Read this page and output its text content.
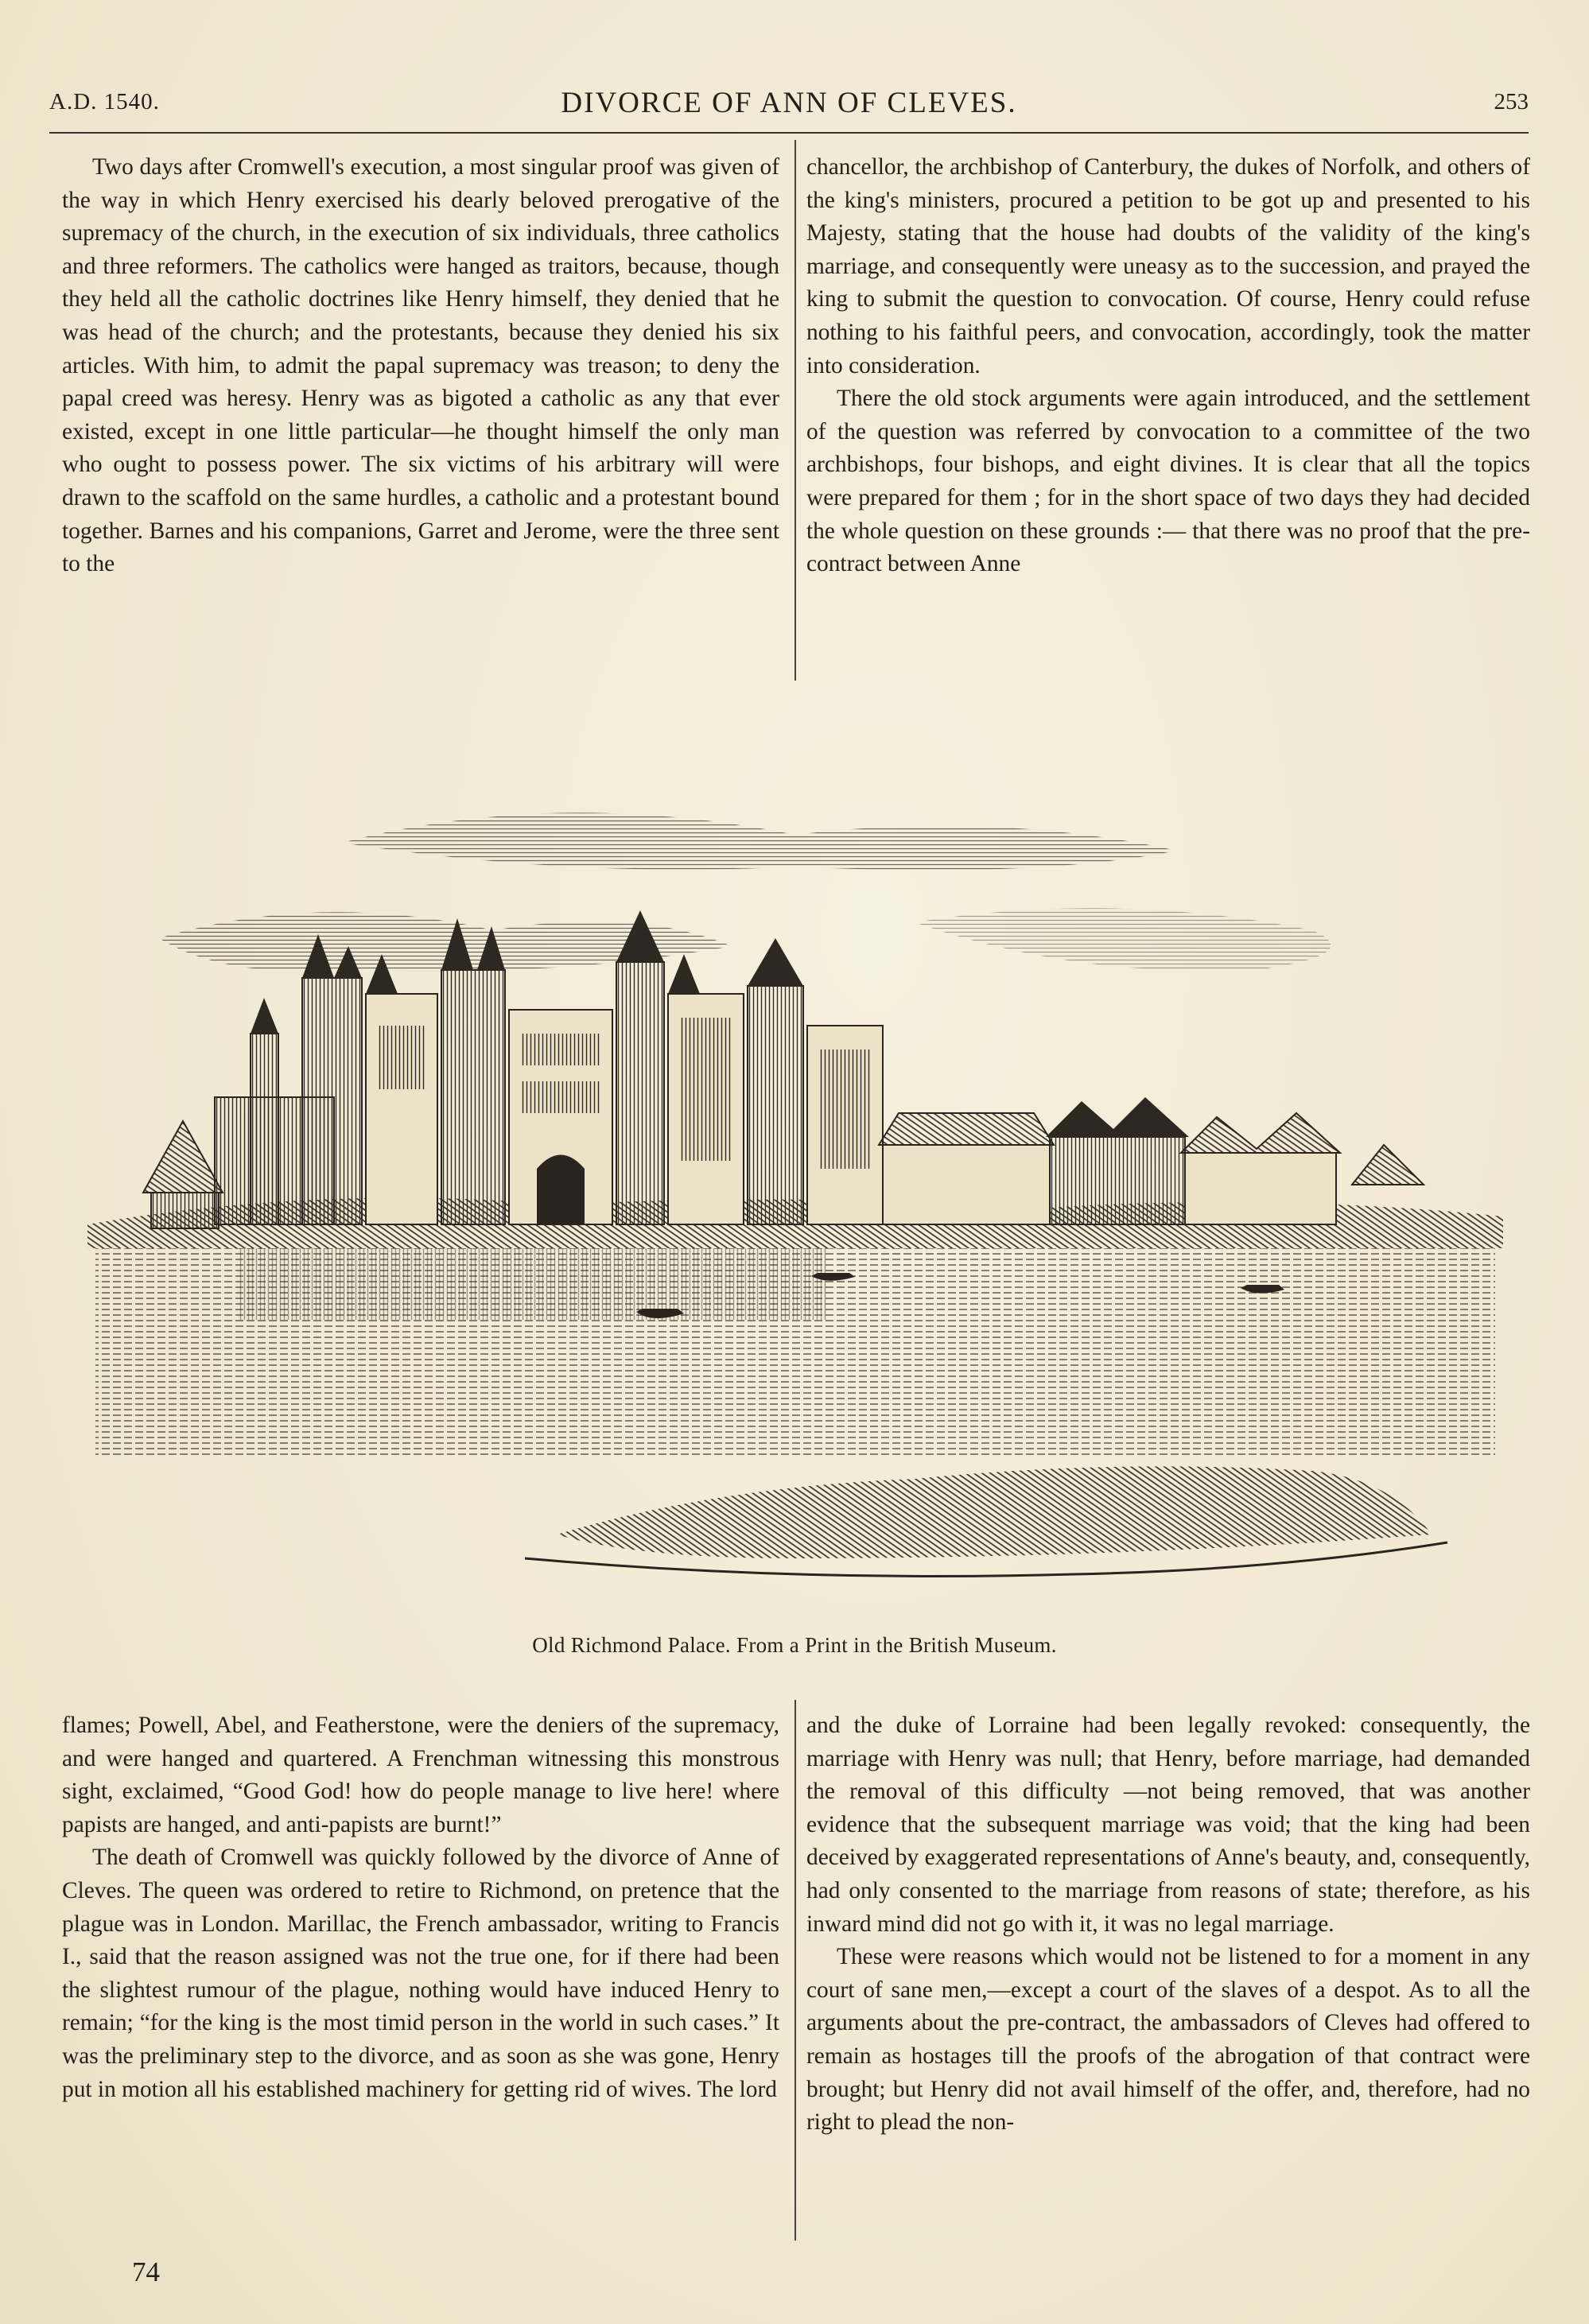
A.D. 1540.	DIVORCE OF ANN OF CLEVES.	253

Two days after Cromwell's execution, a most singular proof was given of the way in which Henry exercised his dearly beloved prerogative of the supremacy of the church, in the execution of six individuals, three catholics and three reformers. The catholics were hanged as traitors, because, though they held all the catholic doctrines like Henry himself, they denied that he was head of the church; and the protestants, because they denied his six articles. With him, to admit the papal supremacy was treason; to deny the papal creed was heresy. Henry was as bigoted a catholic as any that ever existed, except in one little particular—he thought himself the only man who ought to possess power. The six victims of his arbitrary will were drawn to the scaffold on the same hurdles, a catholic and a protestant bound together. Barnes and his companions, Garret and Jerome, were the three sent to the

chancellor, the archbishop of Canterbury, the dukes of Norfolk, and others of the king's ministers, procured a petition to be got up and presented to his Majesty, stating that the house had doubts of the validity of the king's marriage, and consequently were uneasy as to the succession, and prayed the king to submit the question to convocation. Of course, Henry could refuse nothing to his faithful peers, and convocation, accordingly, took the matter into consideration.

There the old stock arguments were again introduced, and the settlement of the question was referred by convocation to a committee of the two archbishops, four bishops, and eight divines. It is clear that all the topics were prepared for them ; for in the short space of two days they had decided the whole question on these grounds :— that there was no proof that the pre-contract between Anne

Old Richmond Palace. From a Print in the British Museum.

flames; Powell, Abel, and Featherstone, were the deniers of the supremacy, and were hanged and quartered. A Frenchman witnessing this monstrous sight, exclaimed, “Good God! how do people manage to live here! where papists are hanged, and anti-papists are burnt!”

The death of Cromwell was quickly followed by the divorce of Anne of Cleves. The queen was ordered to retire to Richmond, on pretence that the plague was in London. Marillac, the French ambassador, writing to Francis I., said that the reason assigned was not the true one, for if there had been the slightest rumour of the plague, nothing would have induced Henry to remain; “for the king is the most timid person in the world in such cases.” It was the preliminary step to the divorce, and as soon as she was gone, Henry put in motion all his established machinery for getting rid of wives. The lord

and the duke of Lorraine had been legally revoked: consequently, the marriage with Henry was null; that Henry, before marriage, had demanded the removal of this difficulty —not being removed, that was another evidence that the subsequent marriage was void; that the king had been deceived by exaggerated representations of Anne's beauty, and, consequently, had only consented to the marriage from reasons of state; therefore, as his inward mind did not go with it, it was no legal marriage.

These were reasons which would not be listened to for a moment in any court of sane men,—except a court of the slaves of a despot. As to all the arguments about the pre-contract, the ambassadors of Cleves had offered to remain as hostages till the proofs of the abrogation of that contract were brought; but Henry did not avail himself of the offer, and, therefore, had no right to plead the non-

74
